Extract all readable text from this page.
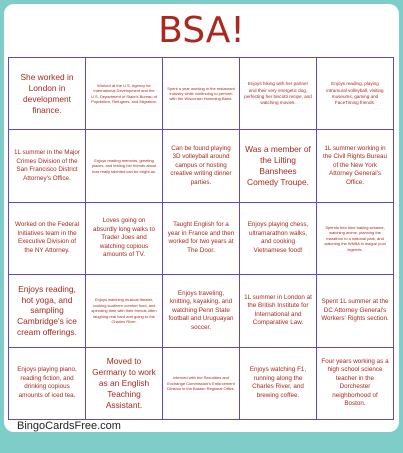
BSA!
She worked in London in development finance.
Worked at the U.S. Agency for International Development and the U.S. Department of State's Bureau of Population, Refugees, and Migration.
Spent a year working in the restaurant industry while continuing to perform with the Wisconsin Humming Band.
Enjoys hiking with her partner and their very energetic dog, perfecting her biscotti recipe, and watching movies.
Enjoys reading, playing intramural volleyball, visiting museums, gaming and FaceTiming friends.
1L summer in the Major Crimes Division of the San Francisco District Attorney's Office.
Enjoys reading memoirs, greeting places, and testing her friends about how really talented can be bright as.
Can be found playing 3D volleyball around campus or hosting creative writing dinner parties.
Was a member of the Lilting Banshees Comedy Troupe.
1L summer working in the Civil Rights Bureau of the New York Attorney General's Office.
Worked on the Federal Initiatives team in the Executive Division of the NY Attorney.
Loves going on absurdly long walks to Trader Joes and watching copious amounts of TV.
Taught English for a year in France and then worked for two years at The Door.
Enjoys playing chess, ultramarathon walks, and cooking Vietnamese food!
Spends free time baking sesame, watching anime, planning the marathon to a national park, and watching the WNBA in league pool legends.
Enjoys reading, hot yoga, and sampling Cambridge's ice cream offerings.
Enjoys watching musical theater, cooking southern comfort food, and spending time with their friends often laughing real hard and going to the Charles River.
Enjoys traveling, knitting, kayaking, and watching Penn State football and Uruguayan soccer.
1L summer in London at the British Institute for International and Comparative Law.
Spent 1L summer at the DC Attorney General's Workers' Rights section.
Enjoys playing piano, reading fiction, and drinking copious amounts of iced tea.
Moved to Germany to work as an English Teaching Assistant.
Interned with the Securities and Exchange Commission's Enforcement Division in the Boston Regional Office.
Enjoys watching F1, running along the Charles River, and brewing coffee.
Four years working as a high school science teacher in the Dorchester neighborhood of Boston.
BingoCardsFree.com
